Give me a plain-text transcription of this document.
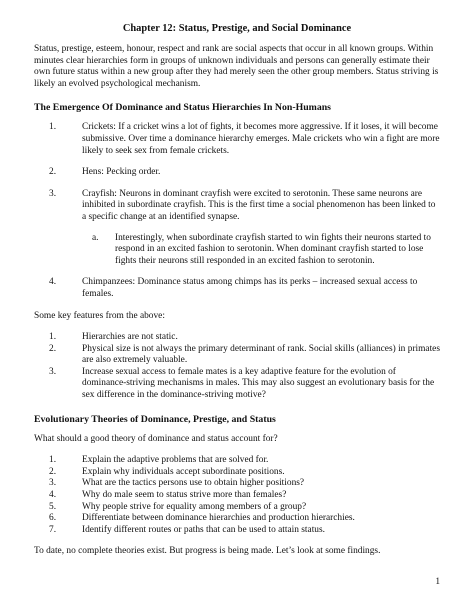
Chapter 12: Status, Prestige, and Social Dominance

Status, prestige, esteem, honour, respect and rank are social aspects that occur in all known groups. Within minutes clear hierarchies form in groups of unknown individuals and persons can generally estimate their own future status within a new group after they had merely seen the other group members. Status striving is likely an evolved psychological mechanism.

The Emergence Of Dominance and Status Hierarchies In Non-Humans
1.	Crickets: If a cricket wins a lot of fights, it becomes more aggressive. If it loses, it will become submissive. Over time a dominance hierarchy emerges. Male crickets who win a fight are more likely to seek sex from female crickets.
2.	Hens: Pecking order.
3.	Crayfish: Neurons in dominant crayfish were excited to serotonin. These same neurons are inhibited in subordinate crayfish. This is the first time a social phenomenon has been linked to a specific change at an identified synapse.
a. Interestingly, when subordinate crayfish started to win fights their neurons started to respond in an excited fashion to serotonin. When dominant crayfish started to lose fights their neurons still responded in an excited fashion to serotonin.
4.	Chimpanzees: Dominance status among chimps has its perks – increased sexual access to females.

Some key features from the above:

1.	Hierarchies are not static.
2.	Physical size is not always the primary determinant of rank. Social skills (alliances) in primates are also extremely valuable.
3.	Increase sexual access to female mates is a key adaptive feature for the evolution of dominance-striving mechanisms in males. This may also suggest an evolutionary basis for the sex difference in the dominance-striving motive?
Evolutionary Theories of Dominance, Prestige, and Status

What should a good theory of dominance and status account for?

1.	Explain the adaptive problems that are solved for.
2.	Explain why individuals accept subordinate positions.
3.	What are the tactics persons use to obtain higher positions?
4.	Why do male seem to status strive more than females?
5.	Why people strive for equality among members of a group?
6.	Differentiate between dominance hierarchies and production hierarchies.
7.	Identify different routes or paths that can be used to attain status.

To date, no complete theories exist. But progress is being made. Let’s look at some findings.

1
